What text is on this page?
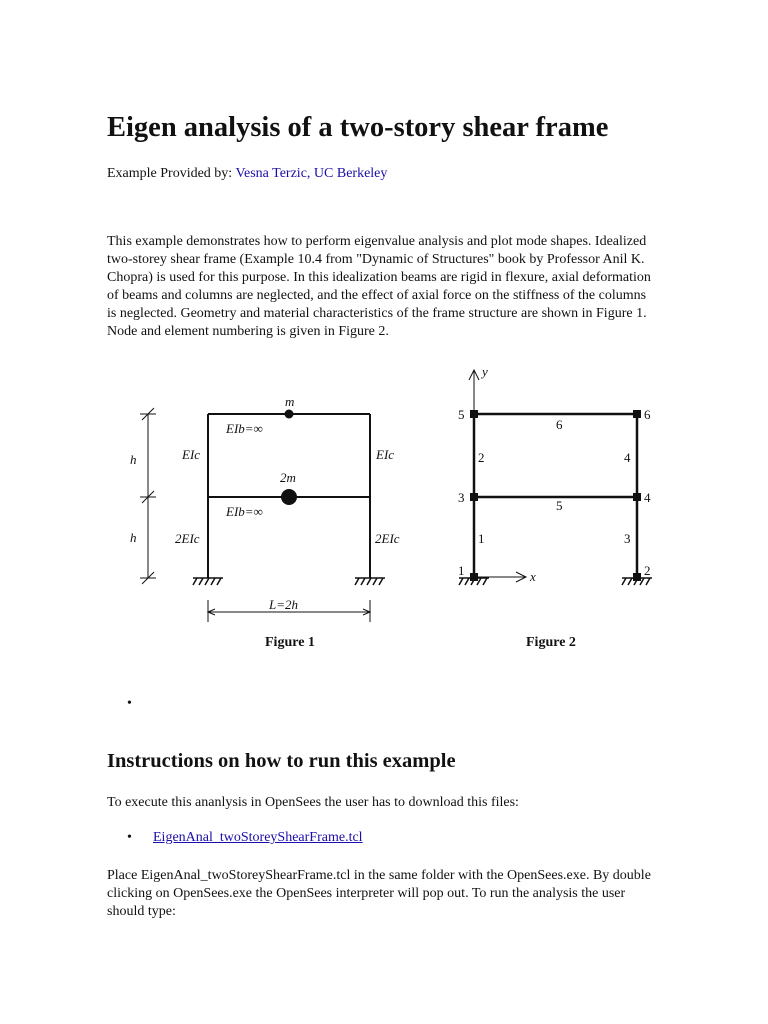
Eigen analysis of a two-story shear frame

Example Provided by: Vesna Terzic, UC Berkeley

This example demonstrates how to perform eigenvalue analysis and plot mode shapes. Idealized two-storey shear frame (Example 10.4 from "Dynamic of Structures" book by Professor Anil K. Chopra) is used for this purpose. In this idealization beams are rigid in flexure, axial deformation of beams and columns are neglected, and the effect of axial force on the stiffness of the columns is neglected. Geometry and material characteristics of the frame structure are shown in Figure 1. Node and element numbering is given in Figure 2.

m
2m
EIb=∞
EIb=∞
EIc	EIc
2EIc	2EIc
h
h
L=2h
Figure 1
y
x
1	2
3	4
5	6
1
2
3
4
5
6
Figure 2
•
Instructions on how to run this example

To execute this ananlysis in OpenSees the user has to download this files:

• EigenAnal_twoStoreyShearFrame.tcl

Place EigenAnal_twoStoreyShearFrame.tcl in the same folder with the OpenSees.exe. By double clicking on OpenSees.exe the OpenSees interpreter will pop out. To run the analysis the user should type:
